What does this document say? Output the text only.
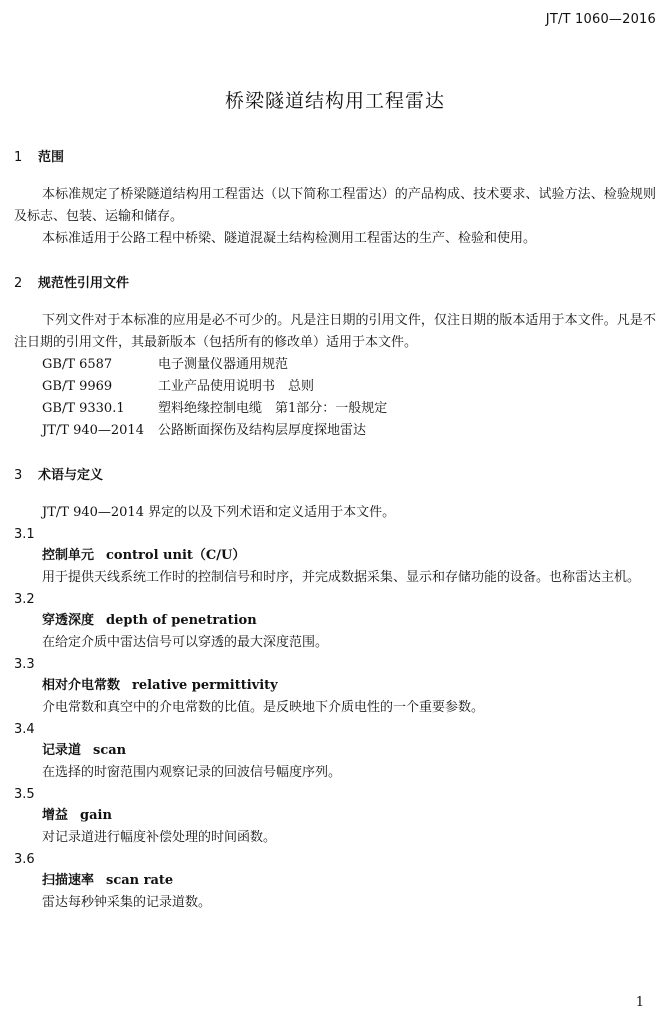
JT/T 1060—2016
桥梁隧道结构用工程雷达
1 范围

本标准规定了桥梁隧道结构用工程雷达（以下简称工程雷达）的产品构成、技术要求、试验方法、检验规则及标志、包装、运输和储存。

本标准适用于公路工程中桥梁、隧道混凝土结构检测用工程雷达的生产、检验和使用。

2 规范性引用文件

下列文件对于本标准的应用是必不可少的。凡是注日期的引用文件，仅注日期的版本适用于本文件。凡是不注日期的引用文件，其最新版本（包括所有的修改单）适用于本文件。

GB/T 6587	电子测量仪器通用规范
GB/T 9969	工业产品使用说明书　总则
GB/T 9330.1	塑料绝缘控制电缆　第1部分：一般规定
JT/T 940—2014 公路断面探伤及结构层厚度探地雷达
3 术语与定义

JT/T 940—2014 界定的以及下列术语和定义适用于本文件。

3.1

控制单元 control unit（C/U）

用于提供天线系统工作时的控制信号和时序，并完成数据采集、显示和存储功能的设备。也称雷达主机。

3.2

穿透深度 depth of penetration

在给定介质中雷达信号可以穿透的最大深度范围。

3.3

相对介电常数 relative permittivity

介电常数和真空中的介电常数的比值。是反映地下介质电性的一个重要参数。

3.4

记录道 scan

在选择的时窗范围内观察记录的回波信号幅度序列。

3.5

增益 gain

对记录道进行幅度补偿处理的时间函数。

3.6

扫描速率 scan rate

雷达每秒钟采集的记录道数。

1
